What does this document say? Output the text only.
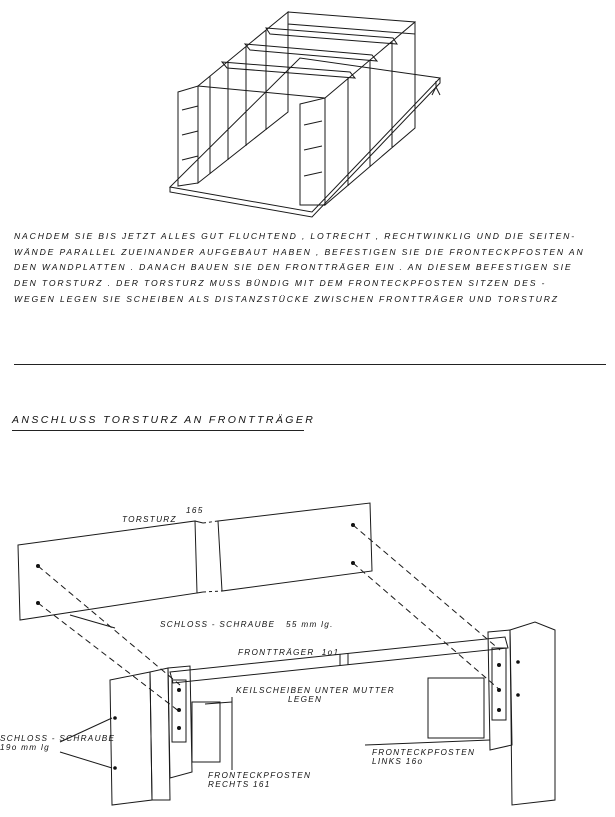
NACHDEM SIE BIS JETZT ALLES GUT FLUCHTEND , LOTRECHT , RECHTWINKLIG UND DIE SEITEN-
WÄNDE PARALLEL ZUEINANDER AUFGEBAUT HABEN , BEFESTIGEN SIE DIE FRONTECKPFOSTEN AN
DEN WANDPLATTEN . DANACH BAUEN SIE DEN FRONTTRÄGER EIN . AN DIESEM BEFESTIGEN SIE
DEN TORSTURZ . DER TORSTURZ MUSS BÜNDIG MIT DEM FRONTECKPFOSTEN SITZEN DES -
WEGEN LEGEN SIE SCHEIBEN ALS DISTANZSTÜCKE ZWISCHEN FRONTTRÄGER UND TORSTURZ
ANSCHLUSS TORSTURZ AN FRONTTRÄGER
TORSTURZ
165
SCHLOSS - SCHRAUBE 55 mm lg.
FRONTTRÄGER 1o1
KEILSCHEIBEN UNTER MUTTER
LEGEN
SCHLOSS - SCHRAUBE
19o mm lg
FRONTECKPFOSTEN
LINKS 16o
FRONTECKPFOSTEN
RECHTS 161
